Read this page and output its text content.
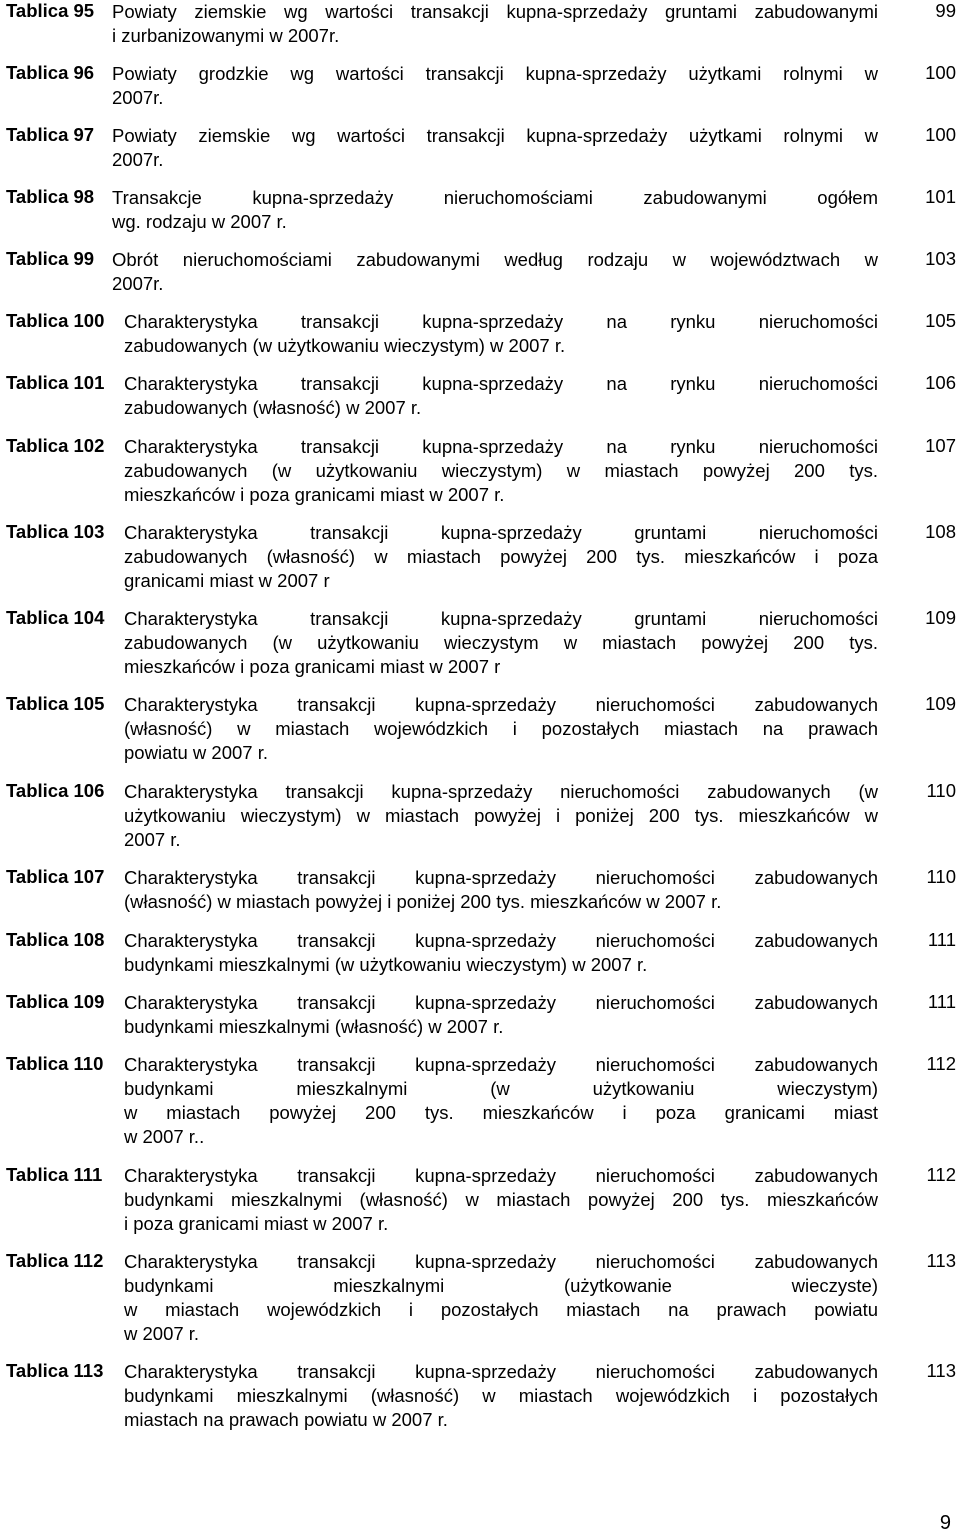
Tablica 95 Powiaty ziemskie wg wartości transakcji kupna-sprzedaży gruntami zabudowanymi
i zurbanizowanymi w 2007r.
99
Tablica 96 Powiaty grodzkie wg wartości transakcji kupna-sprzedaży użytkami rolnymi w
2007r.
100
Tablica 97 Powiaty ziemskie wg wartości transakcji kupna-sprzedaży użytkami rolnymi w
2007r.
100
Tablica 98 Transakcje kupna-sprzedaży nieruchomościami zabudowanymi ogółem
wg. rodzaju w 2007 r.
101
Tablica 99 Obrót nieruchomościami zabudowanymi według rodzaju w województwach w
2007r.
103
Tablica 100 Charakterystyka transakcji kupna-sprzedaży na rynku nieruchomości
zabudowanych (w użytkowaniu wieczystym) w 2007 r.
105
Tablica 101 Charakterystyka transakcji kupna-sprzedaży na rynku nieruchomości
zabudowanych (własność) w 2007 r.
106
Tablica 102 Charakterystyka transakcji kupna-sprzedaży na rynku nieruchomości
zabudowanych (w użytkowaniu wieczystym) w miastach powyżej 200 tys.
mieszkańców i poza granicami miast w 2007 r.
107
Tablica 103 Charakterystyka transakcji kupna-sprzedaży gruntami nieruchomości
zabudowanych (własność) w miastach powyżej 200 tys. mieszkańców i poza
granicami miast w 2007 r
108
Tablica 104 Charakterystyka transakcji kupna-sprzedaży gruntami nieruchomości
zabudowanych (w użytkowaniu wieczystym w miastach powyżej 200 tys.
mieszkańców i poza granicami miast w 2007 r
109
Tablica 105 Charakterystyka transakcji kupna-sprzedaży nieruchomości zabudowanych
(własność) w miastach wojewódzkich i pozostałych miastach na prawach
powiatu w 2007 r.
109
Tablica 106 Charakterystyka transakcji kupna-sprzedaży nieruchomości zabudowanych (w
użytkowaniu wieczystym) w miastach powyżej i poniżej 200 tys. mieszkańców w
2007 r.
110
Tablica 107 Charakterystyka transakcji kupna-sprzedaży nieruchomości zabudowanych
(własność) w miastach powyżej i poniżej 200 tys. mieszkańców w 2007 r.
110
Tablica 108 Charakterystyka transakcji kupna-sprzedaży nieruchomości zabudowanych
budynkami mieszkalnymi (w użytkowaniu wieczystym) w 2007 r.
111
Tablica 109 Charakterystyka transakcji kupna-sprzedaży nieruchomości zabudowanych
budynkami mieszkalnymi (własność) w 2007 r.
111
Tablica 110 Charakterystyka transakcji kupna-sprzedaży nieruchomości zabudowanych
budynkami mieszkalnymi (w użytkowaniu wieczystym)
w miastach powyżej 200 tys. mieszkańców i poza granicami miast
w 2007 r..
112
Tablica 111 Charakterystyka transakcji kupna-sprzedaży nieruchomości zabudowanych
budynkami mieszkalnymi (własność) w miastach powyżej 200 tys. mieszkańców
i poza granicami miast w 2007 r.
112
Tablica 112 Charakterystyka transakcji kupna-sprzedaży nieruchomości zabudowanych
budynkami mieszkalnymi (użytkowanie wieczyste)
w miastach wojewódzkich i pozostałych miastach na prawach powiatu
w 2007 r.
113
Tablica 113 Charakterystyka transakcji kupna-sprzedaży nieruchomości zabudowanych
budynkami mieszkalnymi (własność) w miastach wojewódzkich i pozostałych
miastach na prawach powiatu w 2007 r.
113
9
